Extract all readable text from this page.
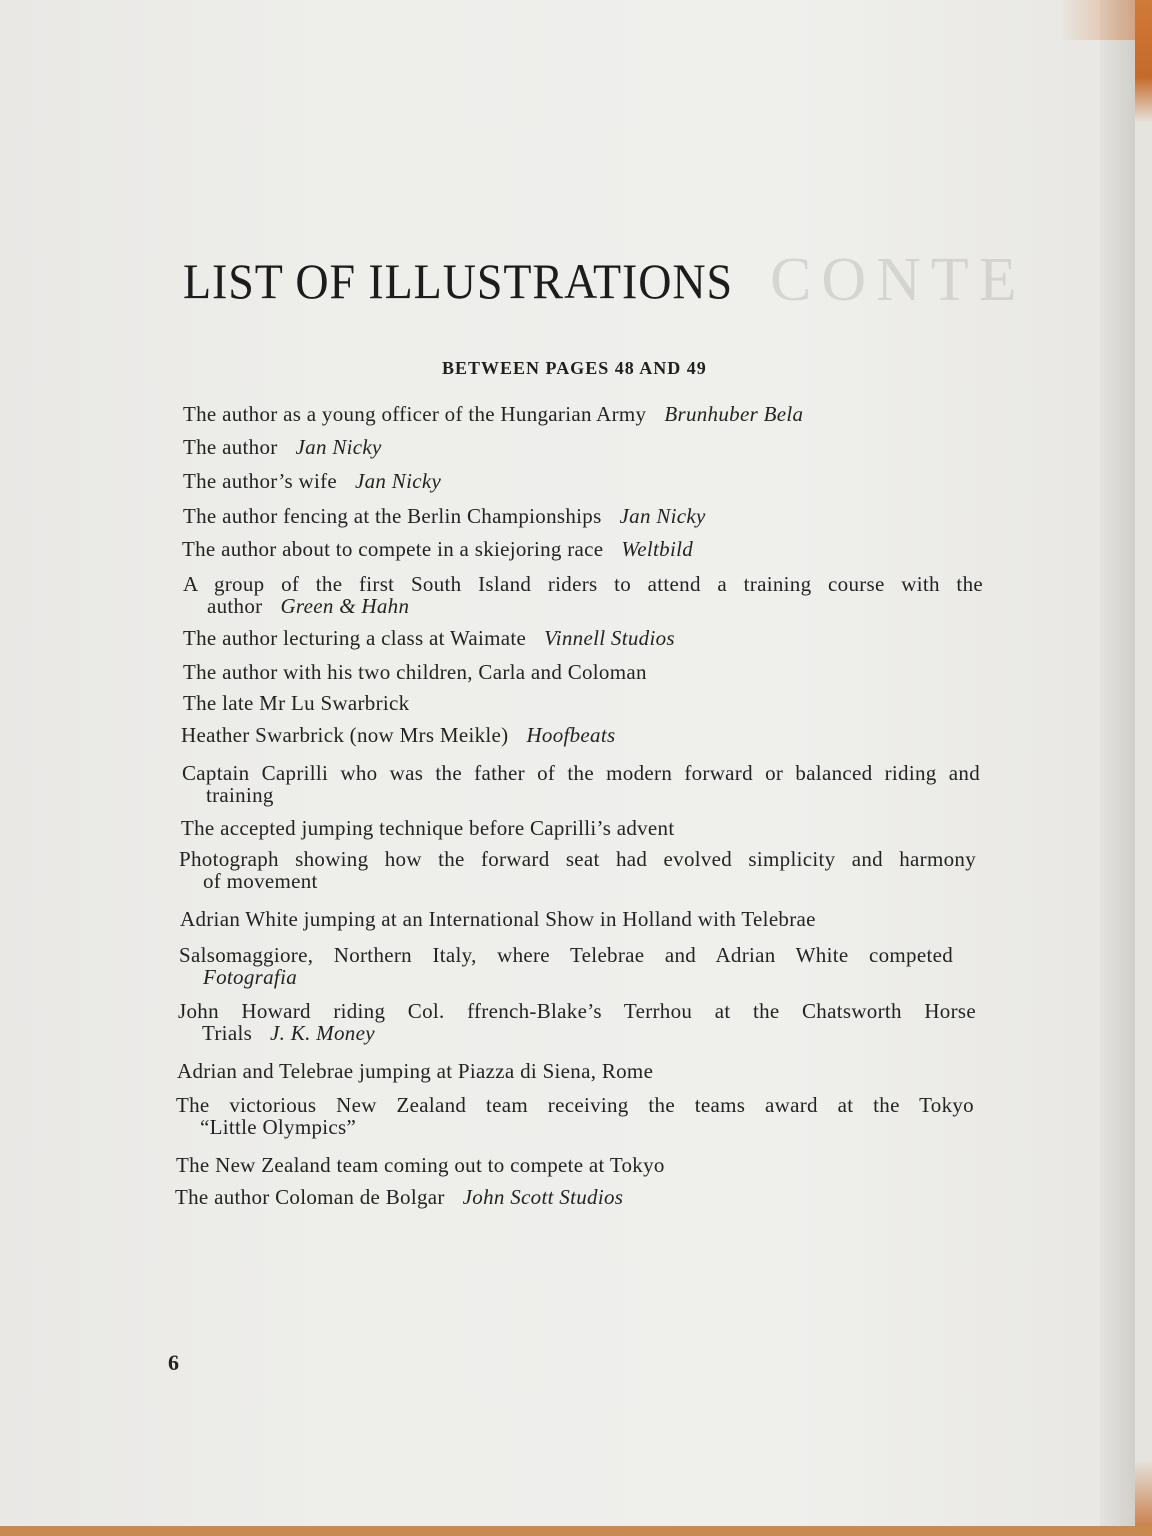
CONTE
LIST OF ILLUSTRATIONS
BETWEEN PAGES 48 AND 49
The author as a young officer of the Hungarian Army Brunhuber Bela
The author Jan Nicky
The author’s wife Jan Nicky
The author fencing at the Berlin Championships Jan Nicky
The author about to compete in a skiejoring race Weltbild
A group of the first South Island riders to attend a training course with the
author Green & Hahn
The author lecturing a class at Waimate Vinnell Studios
The author with his two children, Carla and Coloman
The late Mr Lu Swarbrick
Heather Swarbrick (now Mrs Meikle) Hoofbeats
Captain Caprilli who was the father of the modern forward or balanced riding and
training
The accepted jumping technique before Caprilli’s advent
Photograph showing how the forward seat had evolved simplicity and harmony
of movement
Adrian White jumping at an International Show in Holland with Telebrae
Salsomaggiore, Northern Italy, where Telebrae and Adrian White competed
Fotografia
John Howard riding Col. ffrench-Blake’s Terrhou at the Chatsworth Horse
Trials J. K. Money
Adrian and Telebrae jumping at Piazza di Siena, Rome
The victorious New Zealand team receiving the teams award at the Tokyo
“Little Olympics”
The New Zealand team coming out to compete at Tokyo
The author Coloman de Bolgar John Scott Studios
6
